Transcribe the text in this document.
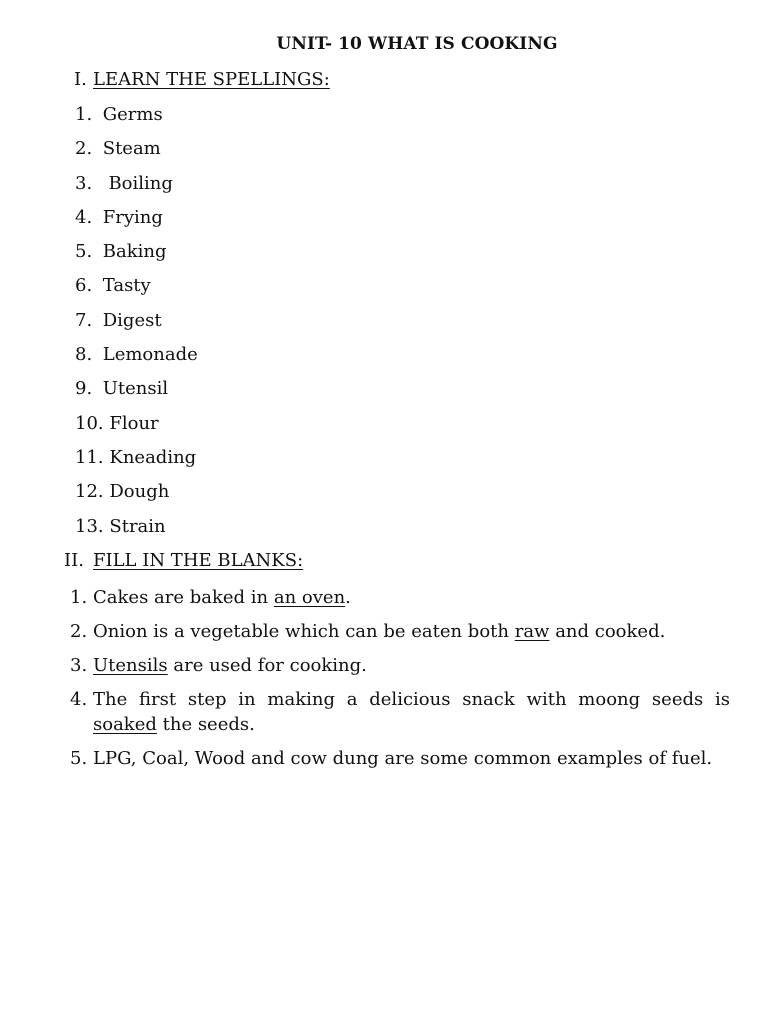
UNIT- 10 WHAT IS COOKING
I. LEARN THE SPELLINGS:
1. Germs
2. Steam
3.  Boiling
4. Frying
5. Baking
6. Tasty
7. Digest
8. Lemonade
9. Utensil
10. Flour
11. Kneading
12. Dough
13. Strain
II. FILL IN THE BLANKS:
1. Cakes are baked in an oven.
2. Onion is a vegetable which can be eaten both raw and cooked.
3. Utensils are used for cooking.
4. The first step in making a delicious snack with moong seeds is soaked the seeds.
5. LPG, Coal, Wood and cow dung are some common examples of fuel.
